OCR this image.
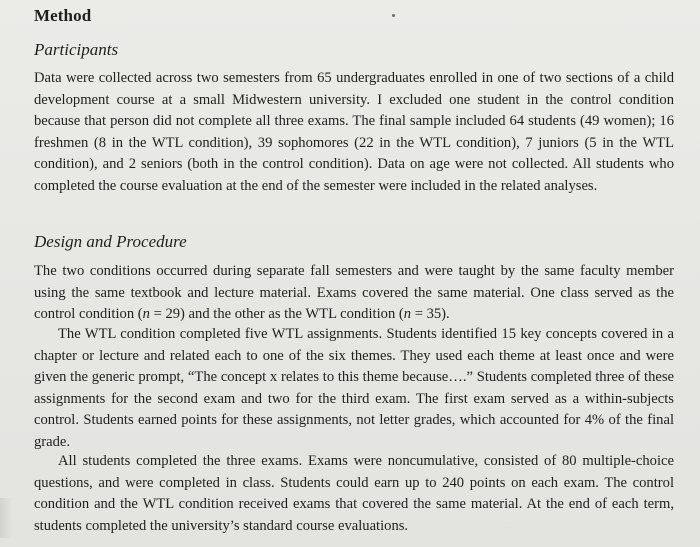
Method
Participants

Data were collected across two semesters from 65 undergraduates enrolled in one of two sections of a child development course at a small Midwestern university. I excluded one student in the control condition because that person did not complete all three exams. The final sample included 64 students (49 women); 16 freshmen (8 in the WTL condition), 39 sophomores (22 in the WTL condition), 7 juniors (5 in the WTL condition), and 2 seniors (both in the control condition). Data on age were not collected. All students who completed the course evaluation at the end of the semester were included in the related analyses.

Design and Procedure

The two conditions occurred during separate fall semesters and were taught by the same faculty member using the same textbook and lecture material. Exams covered the same material. One class served as the control condition (n = 29) and the other as the WTL condition (n = 35).

The WTL condition completed five WTL assignments. Students identified 15 key concepts covered in a chapter or lecture and related each to one of the six themes. They used each theme at least once and were given the generic prompt, “The concept x relates to this theme because….” Students completed three of these assignments for the second exam and two for the third exam. The first exam served as a within-subjects control. Students earned points for these assignments, not letter grades, which accounted for 4% of the final grade.

All students completed the three exams. Exams were noncumulative, consisted of 80 multiple-choice questions, and were completed in class. Students could earn up to 240 points on each exam. The control condition and the WTL condition received exams that covered the same material. At the end of each term, students completed the university’s standard course evaluations.
